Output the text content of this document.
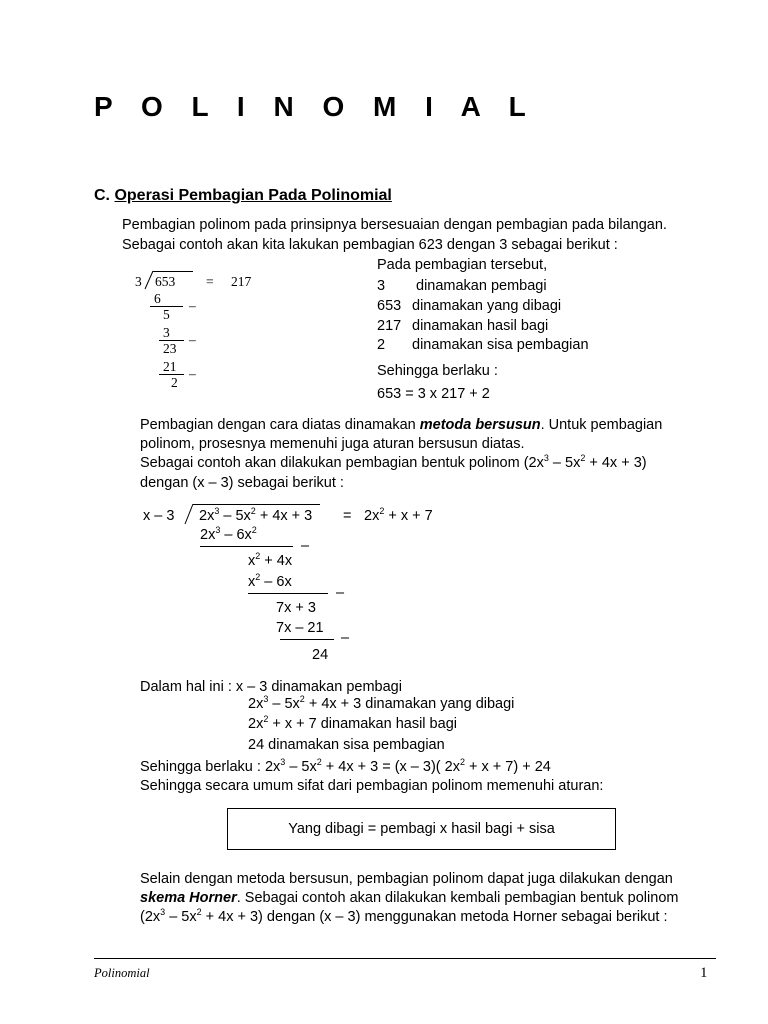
P O L I N O M I A L
C. Operasi Pembagian Pada Polinomial
Pembagian polinom pada prinsipnya bersesuaian dengan pembagian pada bilangan.
Sebagai contoh akan kita lakukan pembagian 623 dengan 3 sebagai berikut :
3 653 = 217
6 –
5
3 –
23
21 –
2
Pada pembagian tersebut,
3 dinamakan pembagi
653 dinamakan yang dibagi
217 dinamakan hasil bagi
2 dinamakan sisa pembagian
Sehingga berlaku :
653 = 3 x 217 + 2
Pembagian dengan cara diatas dinamakan metoda bersusun. Untuk pembagian
polinom, prosesnya memenuhi juga aturan bersusun diatas.
Sebagai contoh akan dilakukan pembagian bentuk polinom $(2x^3 - 5x^2 + 4x + 3)$
dengan (x – 3) sebagai berikut :
x – 3 $2x^3 - 5x^2 + 4x + 3 = 2x^2 + x + 7$
$2x^3 - 6x^2$
–
$x^2 + 4x$
$x^2 - 6x$
–
7x + 3
7x – 21
–
24
Dalam hal ini : x – 3 dinamakan pembagi
$2x^3 - 5x^2 + 4x + 3$ dinamakan yang dibagi
$2x^2 + x + 7$ dinamakan hasil bagi
24 dinamakan sisa pembagian
Sehingga berlaku : $2x^3 - 5x^2 + 4x + 3 = (x - 3)$( $2x^2 + x + 7) + 24$
Sehingga secara umum sifat dari pembagian polinom memenuhi aturan:
Yang dibagi = pembagi x hasil bagi + sisa
Selain dengan metoda bersusun, pembagian polinom dapat juga dilakukan dengan
skema Horner. Sebagai contoh akan dilakukan kembali pembagian bentuk polinom
$(2x^3 - 5x^2 + 4x + 3)$ dengan (x – 3) menggunakan metoda Horner sebagai berikut :
Polinomial	1
